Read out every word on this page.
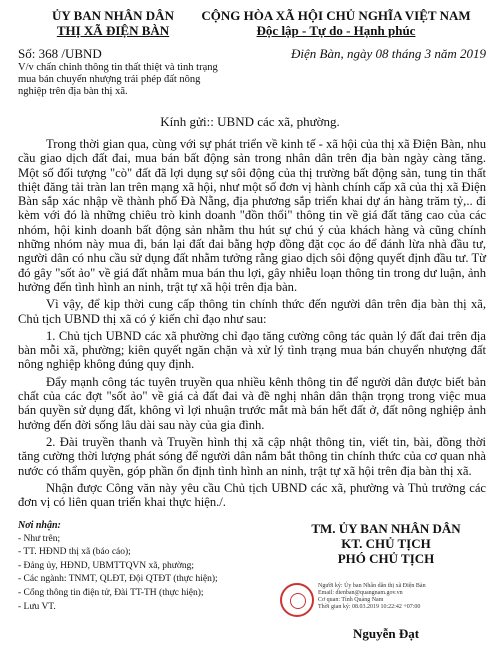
ỦY BAN NHÂN DÂN
THỊ XÃ ĐIỆN BÀN
CỘNG HÒA XÃ HỘI CHỦ NGHĨA VIỆT NAM
Độc lập - Tự do - Hạnh phúc
Số: 368 /UBND	Điện Bàn, ngày 08 tháng 3 năm 2019
V/v chấn chỉnh thông tin thất thiệt và tình trạng mua bán chuyển nhượng trái phép đất nông nghiệp trên địa bàn thị xã.
Kính gửi:: UBND các xã, phường.

Trong thời gian qua, cùng với sự phát triển về kinh tế - xã hội của thị xã Điện Bàn, nhu cầu giao dịch đất đai, mua bán bất động sản trong nhân dân trên địa bàn ngày càng tăng. Một số đối tượng "cò" đất đã lợi dụng sự sôi động của thị trường bất động sản, tung tin thất thiệt đăng tải tràn lan trên mạng xã hội, như một số đơn vị hành chính cấp xã của thị xã Điện Bàn sắp xác nhập về thành phố Đà Nẵng, địa phương sắp triển khai dự án hàng trăm tỷ,.. đi kèm với đó là những chiêu trò kinh doanh "đồn thổi" thông tin về giá đất tăng cao của các nhóm, hội kinh doanh bất động sản nhằm thu hút sự chú ý của khách hàng và cũng chính những nhóm này mua đi, bán lại đất đai bằng hợp đồng đặt cọc áo để đánh lừa nhà đầu tư, người dân có nhu cầu sử dụng đất nhằm tưởng rằng giao dịch sôi động quyết định đầu tư. Từ đó gây "sốt ảo" về giá đất nhằm mua bán thu lợi, gây nhiễu loạn thông tin trong dư luận, ảnh hưởng đến tình hình an ninh, trật tự xã hội trên địa bàn.

Vì vậy, để kịp thời cung cấp thông tin chính thức đến người dân trên địa bàn thị xã, Chủ tịch UBND thị xã có ý kiến chỉ đạo như sau:

1. Chủ tịch UBND các xã phường chỉ đạo tăng cường công tác quản lý đất đai trên địa bàn mỗi xã, phường; kiên quyết ngăn chặn và xử lý tình trạng mua bán chuyển nhượng đất nông nghiệp không đúng quy định.

Đẩy mạnh công tác tuyên truyền qua nhiều kênh thông tin để người dân được biết bản chất của các đợt "sốt ảo" về giá cả đất đai và đề nghị nhân dân thận trọng trong việc mua bán quyền sử dụng đất, không vì lợi nhuận trước mắt mà bán hết đất ở, đất nông nghiệp ảnh hưởng đến đời sống lâu dài sau này của gia đình.

2. Đài truyền thanh và Truyền hình thị xã cập nhật thông tin, viết tin, bài, đồng thời tăng cường thời lượng phát sóng để người dân nắm bắt thông tin chính thức của cơ quan nhà nước có thẩm quyền, góp phần ổn định tình hình an ninh, trật tự xã hội trên địa bàn thị xã.

Nhận được Công văn này yêu cầu Chủ tịch UBND các xã, phường và Thủ trưởng các đơn vị có liên quan triển khai thực hiện./.

Nơi nhận:
- Như trên;
- TT. HĐND thị xã (báo cáo);
- Đảng ủy, HĐND, UBMTTQVN xã, phường;
- Các ngành: TNMT, QLĐT, Đội QTĐT (thực hiện);
- Cổng thông tin điện tử, Đài TT-TH (thực hiện);
- Lưu VT.
TM. ỦY BAN NHÂN DÂN
KT. CHỦ TỊCH
PHÓ CHỦ TỊCH
Nguyễn Đạt
Người ký: Ủy ban Nhân dân thị xã Điện Bàn
Email: dienban@quangnam.gov.vn
Cơ quan: Tỉnh Quảng Nam
Thời gian ký: 08.03.2019 10:22:42 +07:00
